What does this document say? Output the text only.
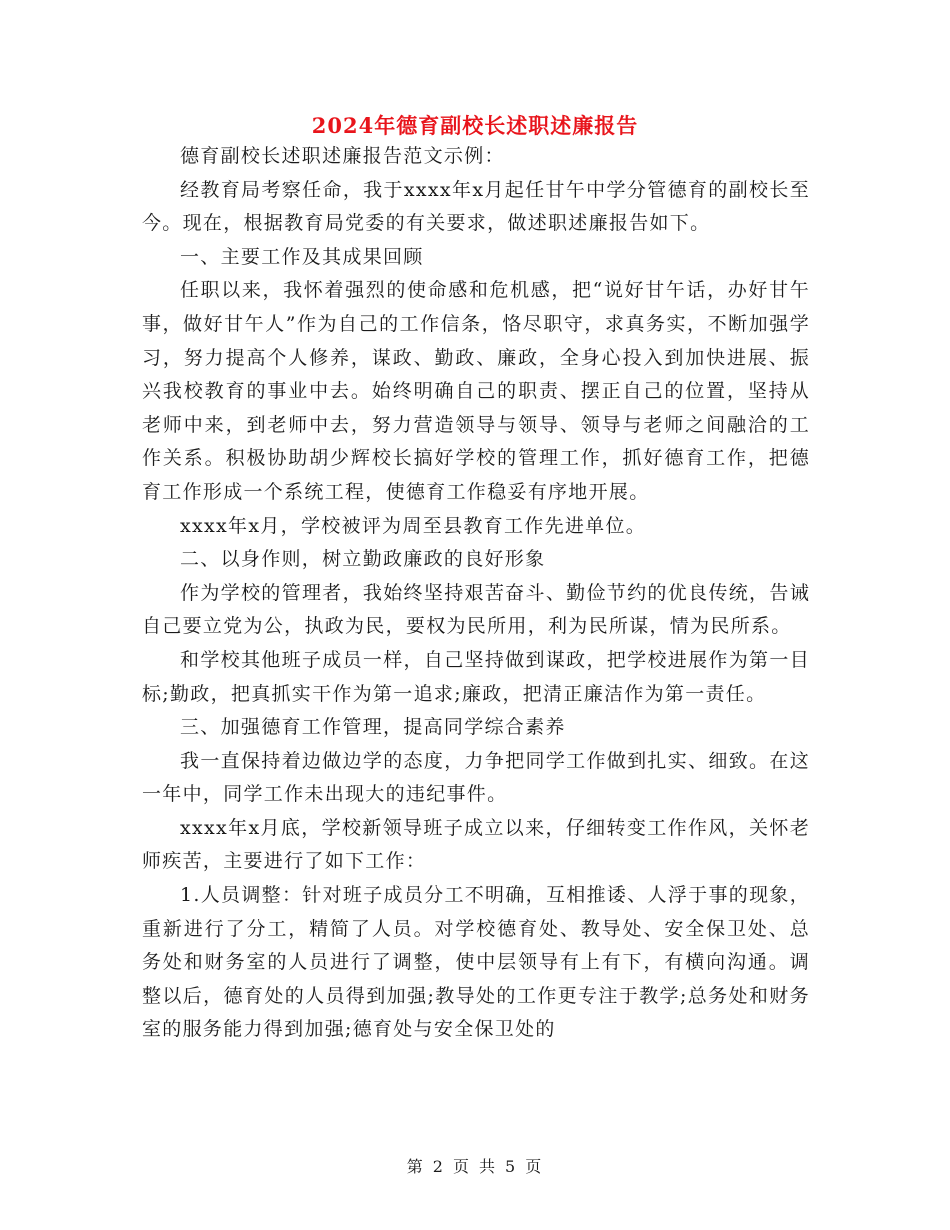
2024年德育副校长述职述廉报告

德育副校长述职述廉报告范文示例：

经教育局考察任命，我于xxxx年x月起任甘午中学分管德育的副校长至今。现在，根据教育局党委的有关要求，做述职述廉报告如下。

一、主要工作及其成果回顾

任职以来，我怀着强烈的使命感和危机感，把“说好甘午话，办好甘午事，做好甘午人”作为自己的工作信条，恪尽职守，求真务实，不断加强学习，努力提高个人修养，谋政、勤政、廉政，全身心投入到加快进展、振兴我校教育的事业中去。始终明确自己的职责、摆正自己的位置，坚持从老师中来，到老师中去，努力营造领导与领导、领导与老师之间融洽的工作关系。积极协助胡少辉校长搞好学校的管理工作，抓好德育工作，把德育工作形成一个系统工程，使德育工作稳妥有序地开展。

xxxx年x月，学校被评为周至县教育工作先进单位。

二、以身作则，树立勤政廉政的良好形象

作为学校的管理者，我始终坚持艰苦奋斗、勤俭节约的优良传统，告诫自己要立党为公，执政为民，要权为民所用，利为民所谋，情为民所系。

和学校其他班子成员一样，自己坚持做到谋政，把学校进展作为第一目标;勤政，把真抓实干作为第一追求;廉政，把清正廉洁作为第一责任。

三、加强德育工作管理，提高同学综合素养

我一直保持着边做边学的态度，力争把同学工作做到扎实、细致。在这一年中，同学工作未出现大的违纪事件。

xxxx年x月底，学校新领导班子成立以来，仔细转变工作作风，关怀老师疾苦，主要进行了如下工作：

1.人员调整：针对班子成员分工不明确，互相推诿、人浮于事的现象，重新进行了分工，精简了人员。对学校德育处、教导处、安全保卫处、总务处和财务室的人员进行了调整，使中层领导有上有下，有横向沟通。调整以后，德育处的人员得到加强;教导处的工作更专注于教学;总务处和财务室的服务能力得到加强;德育处与安全保卫处的

第 2 页 共 5 页
